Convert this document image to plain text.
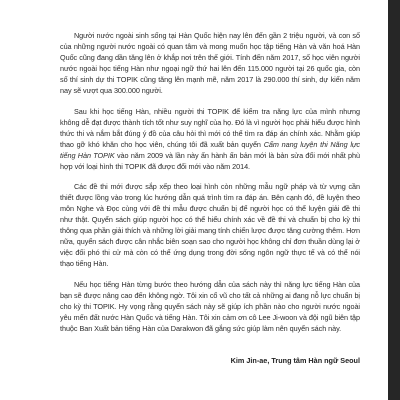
Người nước ngoài sinh sống tại Hàn Quốc hiện nay lên đến gần 2 triệu người, và con số của những người nước ngoài có quan tâm và mong muốn học tập tiếng Hàn và văn hoá Hàn Quốc cũng đang dần tăng lên ở khắp nơi trên thế giới. Tính đến năm 2017, số học viên người nước ngoài học tiếng Hàn như ngoại ngữ thứ hai lên đến 115.000 người tại 26 quốc gia, còn số thí sinh dự thi TOPIK cũng tăng lên mạnh mẽ, năm 2017 là 290.000 thí sinh, dự kiến năm nay sẽ vượt qua 300.000 người.

Sau khi học tiếng Hàn, nhiều người thi TOPIK để kiểm tra năng lực của mình nhưng không dễ đạt được thành tích tốt như suy nghĩ của họ. Đó là vì người học phải hiểu được hình thức thi và nắm bắt đúng ý đồ của câu hỏi thì mới có thể tìm ra đáp án chính xác. Nhằm giúp thao gỡ khó khăn cho học viên, chúng tôi đã xuất bản quyển Cẩm nang luyện thi Năng lực tiếng Hàn TOPIK vào năm 2009 và lần này ấn hành ấn bản mới là bản sửa đổi mới nhất phù hợp với loại hình thi TOPIK đã được đổi mới vào năm 2014.

Các đề thi mới được sắp xếp theo loại hình còn những mẫu ngữ pháp và từ vựng cần thiết được lồng vào trong lúc hướng dẫn quá trình tìm ra đáp án. Bên cạnh đó, đề luyện theo môn Nghe và Đọc cùng với đề thi mẫu được chuẩn bị để người học có thể luyện giải đề thi như thật. Quyển sách giúp người học có thể hiểu chính xác về đề thi và chuẩn bị cho kỳ thi thông qua phần giải thích và những lời giải mang tính chiến lược được tăng cường thêm. Hơn nữa, quyển sách được cân nhắc biên soạn sao cho người học không chỉ đơn thuần dùng lại ở việc đối phó thi cử mà còn có thể ứng dụng trong đời sống ngôn ngữ thực tế và có thể nói thạo tiếng Hàn.

Nếu học tiếng Hàn từng bước theo hướng dẫn của sách này thì năng lực tiếng Hàn của bạn sẽ được nâng cao đến không ngờ. Tôi xin cổ vũ cho tất cả những ai đang nỗ lực chuẩn bị cho kỳ thi TOPIK. Hy vọng rằng quyển sách này sẽ giúp ích phần nào cho người nước ngoài yêu mến đất nước Hàn Quốc và tiếng Hàn. Tôi xin cảm ơn cô Lee Ji-woon và đội ngũ biên tập thuộc Ban Xuất bản tiếng Hàn của Darakwon đã gắng sức giúp làm nên quyển sách này.

Kim Jin-ae, Trung tâm Hàn ngữ Seoul
